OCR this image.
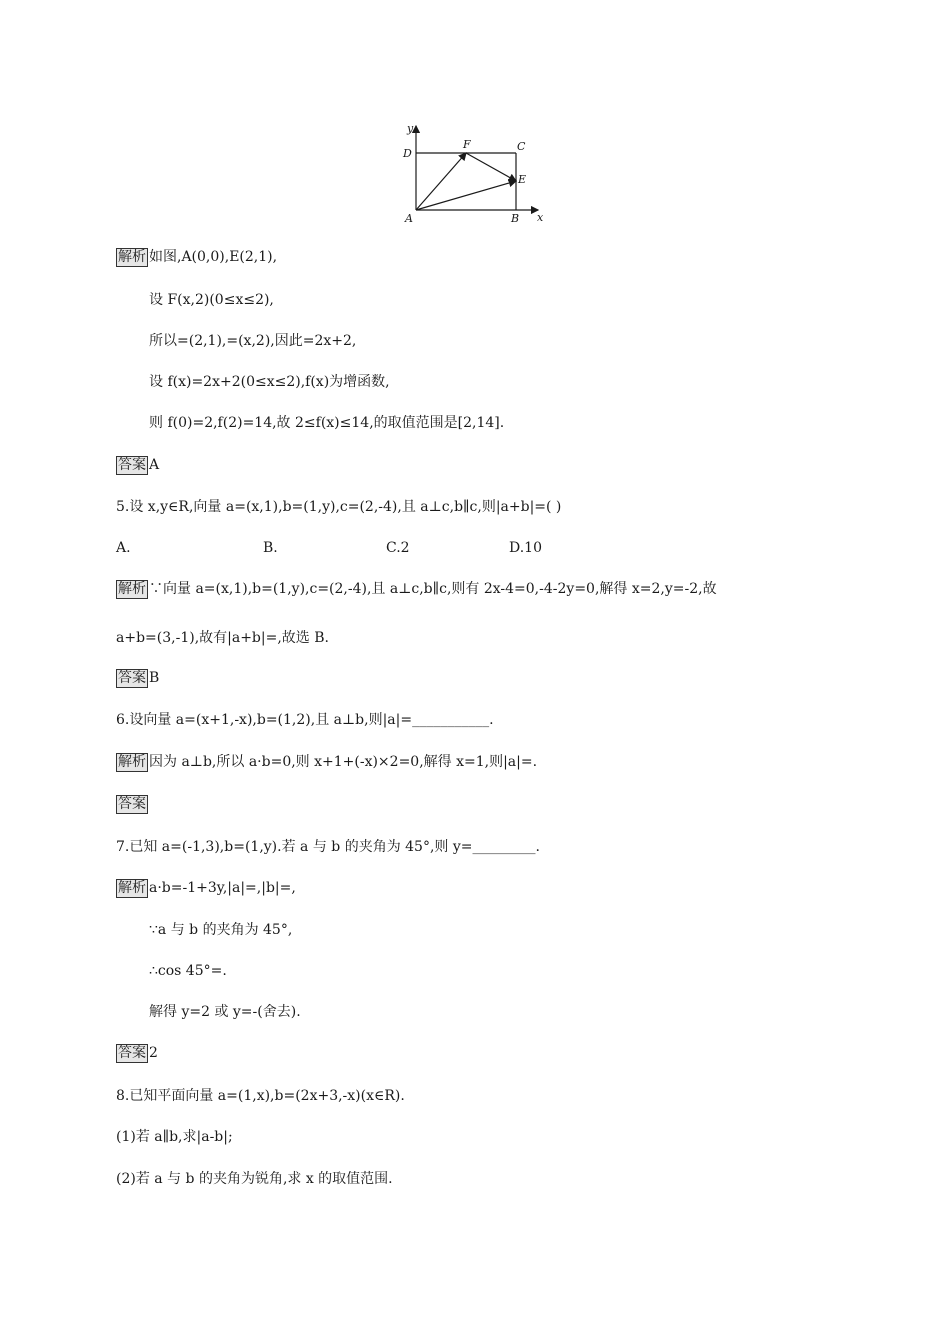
y
D
F	C
E
A	B x
解析 如图,A(0,0),E(2,1),
设 F(x,2)(0≤x≤2),
所以=(2,1),=(x,2),因此=2x+2,
设 f(x)=2x+2(0≤x≤2),f(x)为增函数,
则 f(0)=2,f(2)=14,故 2≤f(x)≤14,的取值范围是[2,14].
答案 A
5.设 x,y∈R,向量 a=(x,1),b=(1,y),c=(2,-4),且 a⊥c,b∥c,则|a+b|=( )
A.	B.	C.2	D.10
解析 ∵向量 a=(x,1),b=(1,y),c=(2,-4),且 a⊥c,b∥c,则有 2x-4=0,-4-2y=0,解得 x=2,y=-2,故
a+b=(3,-1),故有|a+b|=,故选 B.
答案 B
6.设向量 a=(x+1,-x),b=(1,2),且 a⊥b,则|a|=___________.
解析 因为 a⊥b,所以 a·b=0,则 x+1+(-x)×2=0,解得 x=1,则|a|=.
答案
7.已知 a=(-1,3),b=(1,y).若 a 与 b 的夹角为 45°,则 y=_________.
解析 a·b=-1+3y,|a|=,|b|=,
∵a 与 b 的夹角为 45°,
∴cos 45°=.
解得 y=2 或 y=-(舍去).
答案 2
8.已知平面向量 a=(1,x),b=(2x+3,-x)(x∈R).
(1)若 a∥b,求|a-b|;
(2)若 a 与 b 的夹角为锐角,求 x 的取值范围.
